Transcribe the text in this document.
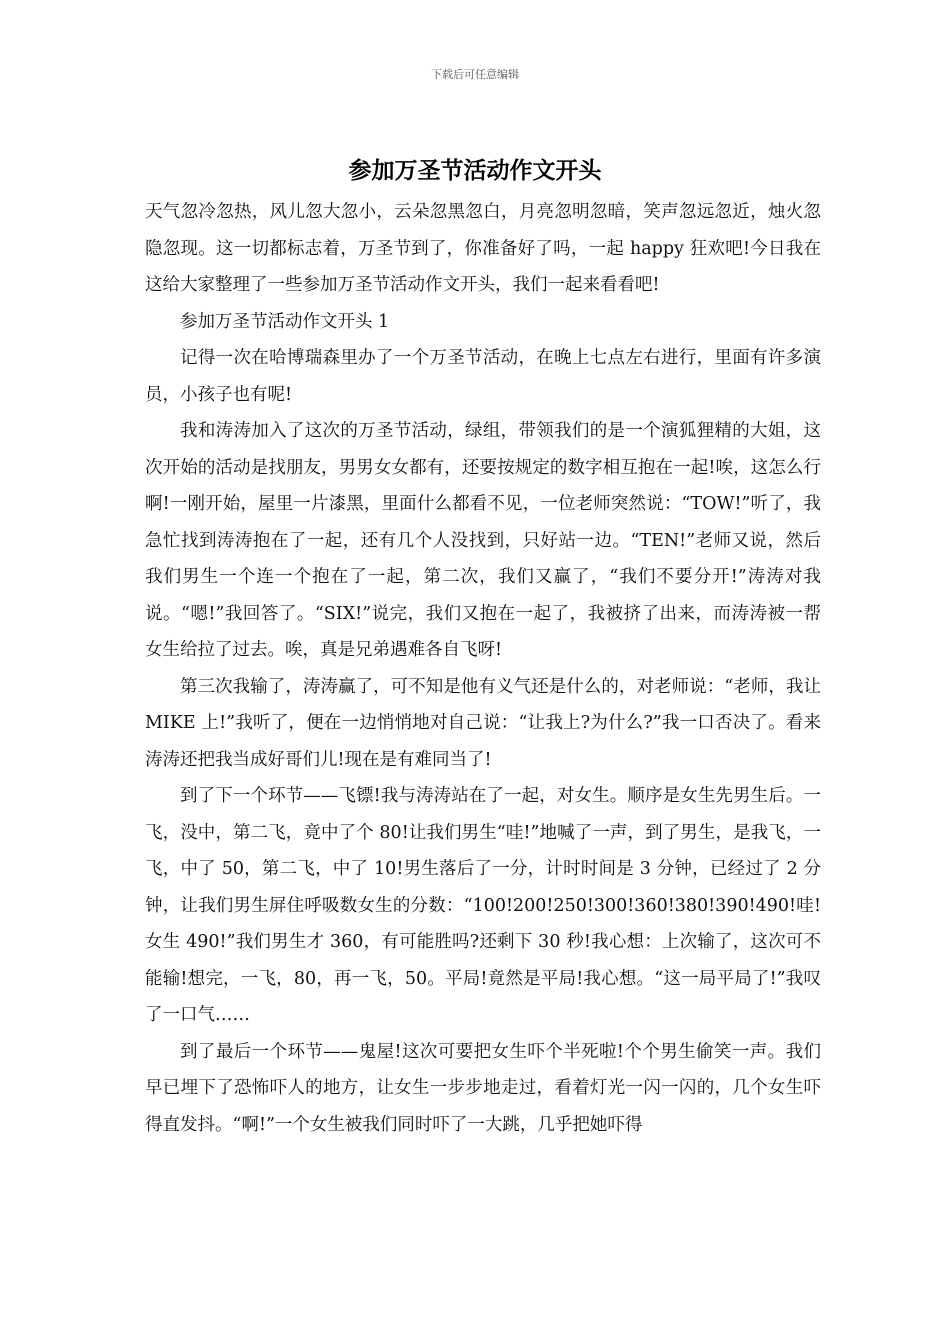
下载后可任意编辑
参加万圣节活动作文开头

天气忽冷忽热，风儿忽大忽小，云朵忽黑忽白，月亮忽明忽暗，笑声忽远忽近，烛火忽隐忽现。这一切都标志着，万圣节到了，你准备好了吗，一起 happy 狂欢吧!今日我在这给大家整理了一些参加万圣节活动作文开头，我们一起来看看吧!

参加万圣节活动作文开头 1

记得一次在哈博瑞森里办了一个万圣节活动，在晚上七点左右进行，里面有许多演员，小孩子也有呢!

我和涛涛加入了这次的万圣节活动，绿组，带领我们的是一个演狐狸精的大姐，这次开始的活动是找朋友，男男女女都有，还要按规定的数字相互抱在一起!唉，这怎么行啊!一刚开始，屋里一片漆黑，里面什么都看不见，一位老师突然说：“TOW!”听了，我急忙找到涛涛抱在了一起，还有几个人没找到，只好站一边。“TEN!”老师又说，然后我们男生一个连一个抱在了一起，第二次，我们又赢了，“我们不要分开!”涛涛对我说。“嗯!”我回答了。“SIX!”说完，我们又抱在一起了，我被挤了出来，而涛涛被一帮女生给拉了过去。唉，真是兄弟遇难各自飞呀!

第三次我输了，涛涛赢了，可不知是他有义气还是什么的，对老师说：“老师，我让 MIKE 上!”我听了，便在一边悄悄地对自己说：“让我上?为什么?”我一口否决了。看来涛涛还把我当成好哥们儿!现在是有难同当了!

到了下一个环节——飞镖!我与涛涛站在了一起，对女生。顺序是女生先男生后。一飞，没中，第二飞，竟中了个 80!让我们男生“哇!”地喊了一声，到了男生，是我飞，一飞，中了 50，第二飞，中了 10!男生落后了一分，计时时间是 3 分钟，已经过了 2 分钟，让我们男生屏住呼吸数女生的分数：“100!200!250!300!360!380!390!490!哇!女生 490!”我们男生才 360，有可能胜吗?还剩下 30 秒!我心想：上次输了，这次可不能输!想完，一飞，80，再一飞，50。平局!竟然是平局!我心想。“这一局平局了!”我叹了一口气……

到了最后一个环节——鬼屋!这次可要把女生吓个半死啦!个个男生偷笑一声。我们早已埋下了恐怖吓人的地方，让女生一步步地走过，看着灯光一闪一闪的，几个女生吓得直发抖。“啊!”一个女生被我们同时吓了一大跳，几乎把她吓得
